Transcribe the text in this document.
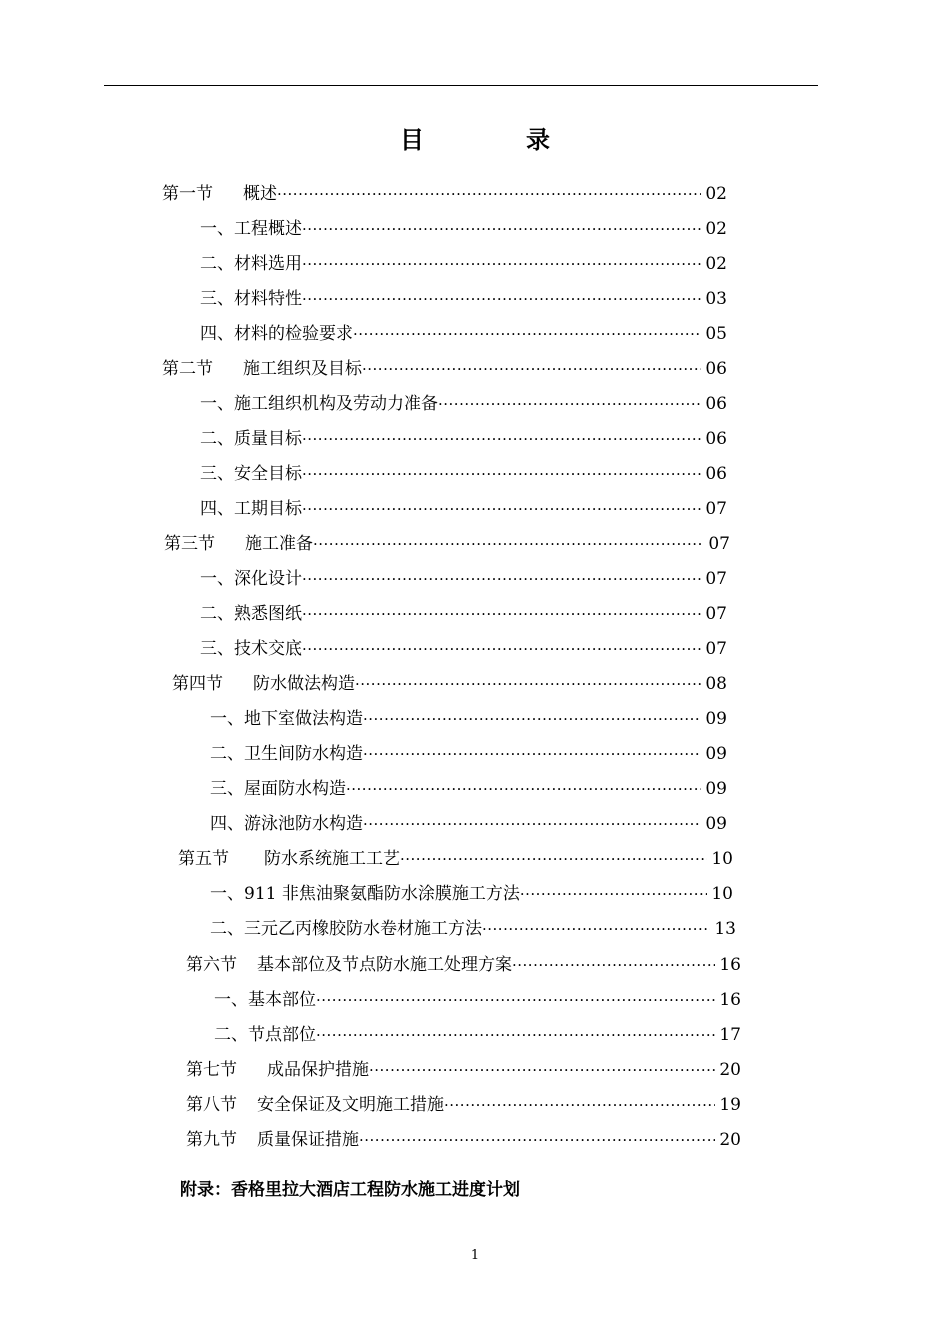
目	录
第一节 概述 ·····	02
一、 工程概述 ·····	02
二、 材料选用 ·····	02
三、 材料特性 ·····	03
四、 材料的检验要求 ·····	05
第二节 施工组织及目标 ·····	06
一、 施工组织机构及劳动力准备 ·····	06
二、 质量目标 ·····	06
三、 安全目标 ·····	06
四、 工期目标 ·····	07
第三节 施工准备 ·····	07
一、 深化设计 ·····	07
二、 熟悉图纸 ·····	07
三、 技术交底 ·····	07
第四节 防水做法构造 ·····	08
一、 地下室做法构造 ·····	09
二、 卫生间防水构造 ·····	09
三、 屋面防水构造 ·····	09
四、 游泳池防水构造 ·····	09
第五节 防水系统施工工艺 ·····	10
一、 911 非焦油聚氨酯防水涂膜施工方法 ·····	10
二、 三元乙丙橡胶防水卷材施工方法 ·····	13
第六节 基本部位及节点防水施工处理方案 ·····	16
一、 基本部位 ·····	16
二、 节点部位 ·····	17
第七节 成品保护措施 ·····	20
第八节 安全保证及文明施工措施 ·····	19
第九节 质量保证措施 ·····	20
附录：香格里拉大酒店工程防水施工进度计划
1
